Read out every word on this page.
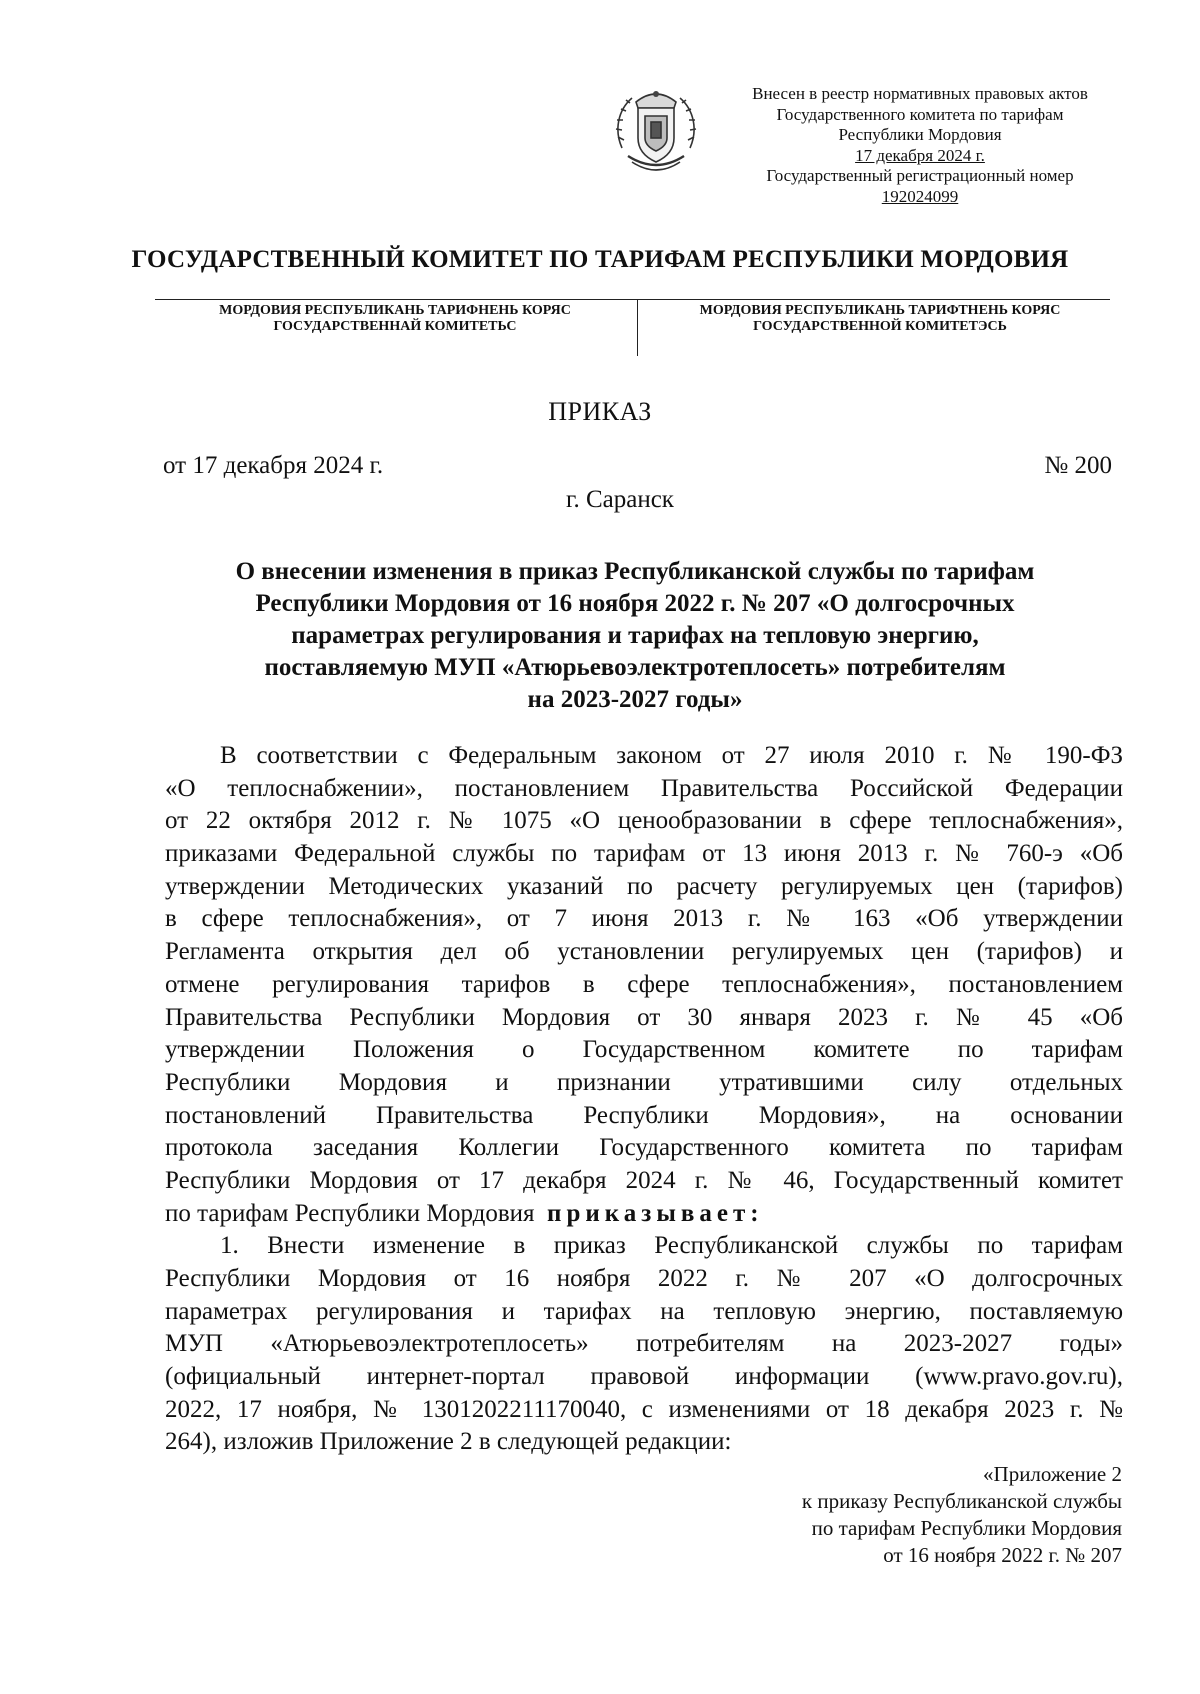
Внесен в реестр нормативных правовых актов
Государственного комитета по тарифам
Республики Мордовия
17 декабря 2024 г.
Государственный регистрационный номер
192024099
ГОСУДАРСТВЕННЫЙ КОМИТЕТ ПО ТАРИФАМ РЕСПУБЛИКИ МОРДОВИЯ
МОРДОВИЯ РЕСПУБЛИКАНЬ ТАРИФНЕНЬ КОРЯС
ГОСУДАРСТВЕННАЙ КОМИТЕТЬС
МОРДОВИЯ РЕСПУБЛИКАНЬ ТАРИФТНЕНЬ КОРЯС
ГОСУДАРСТВЕННОЙ КОМИТЕТЭСЬ
ПРИКАЗ
от 17 декабря 2024 г.	№ 200
г. Саранск
О внесении изменения в приказ Республиканской службы по тарифам
Республики Мордовия от 16 ноября 2022 г. № 207 «О долгосрочных
параметрах регулирования и тарифах на тепловую энергию,
поставляемую МУП «Атюрьевоэлектротеплосеть» потребителям
на 2023-2027 годы»
В соответствии с Федеральным законом от 27 июля 2010 г. № 190-ФЗ
«О теплоснабжении», постановлением Правительства Российской Федерации
от 22 октября 2012 г. № 1075 «О ценообразовании в сфере теплоснабжения»,
приказами Федеральной службы по тарифам от 13 июня 2013 г. № 760-э «Об
утверждении Методических указаний по расчету регулируемых цен (тарифов)
в сфере теплоснабжения», от 7 июня 2013 г. № 163 «Об утверждении
Регламента открытия дел об установлении регулируемых цен (тарифов) и
отмене регулирования тарифов в сфере теплоснабжения», постановлением
Правительства Республики Мордовия от 30 января 2023 г. № 45 «Об
утверждении Положения о Государственном комитете по тарифам
Республики Мордовия и признании утратившими силу отдельных
постановлений Правительства Республики Мордовия», на основании
протокола заседания Коллегии Государственного комитета по тарифам
Республики Мордовия от 17 декабря 2024 г. № 46, Государственный комитет
по тарифам Республики Мордовия приказывает:
1. Внести изменение в приказ Республиканской службы по тарифам
Республики Мордовия от 16 ноября 2022 г. № 207 «О долгосрочных
параметрах регулирования и тарифах на тепловую энергию, поставляемую
МУП «Атюрьевоэлектротеплосеть» потребителям на 2023-2027 годы»
(официальный интернет-портал правовой информации (www.pravo.gov.ru),
2022, 17 ноября, № 1301202211170040, с изменениями от 18 декабря 2023 г. №
264), изложив Приложение 2 в следующей редакции:
«Приложение 2
к приказу Республиканской службы
по тарифам Республики Мордовия
от 16 ноября 2022 г. № 207
